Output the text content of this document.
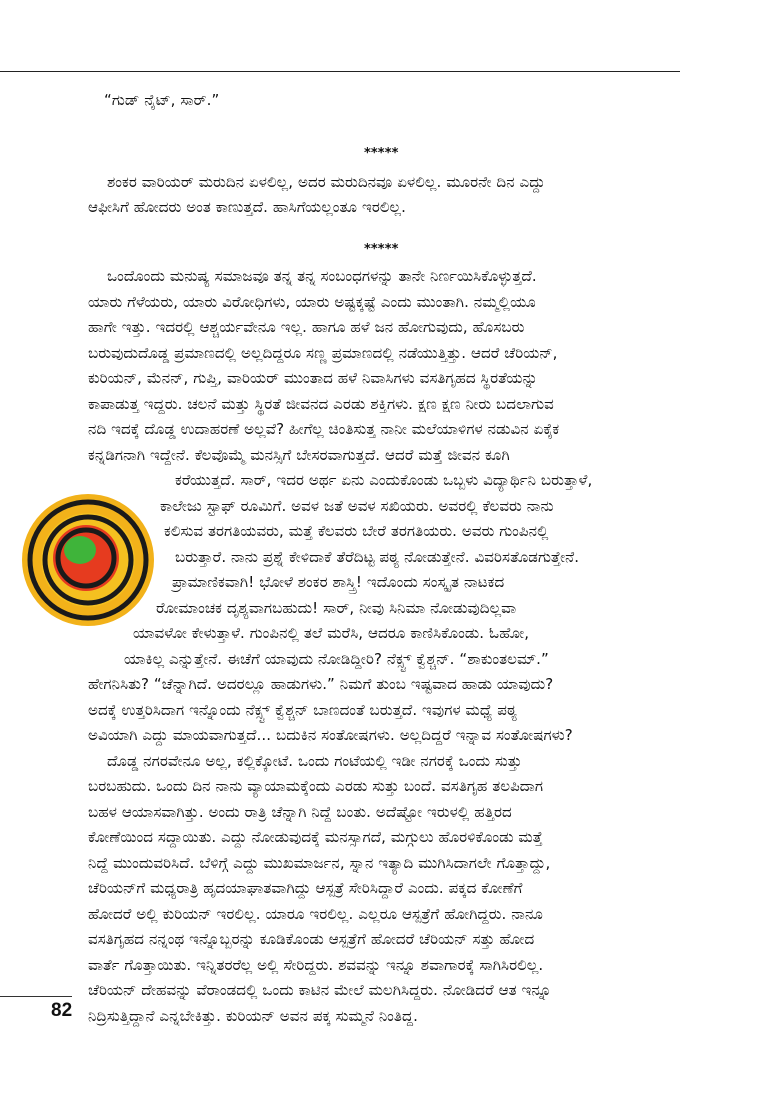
“ಗುಡ್ ನೈಟ್, ಸಾರ್.”

*****

ಶಂಕರ ವಾರಿಯರ್ ಮರುದಿನ ಏಳಲಿಲ್ಲ, ಅದರ ಮರುದಿನವೂ ಏಳಲಿಲ್ಲ. ಮೂರನೇ ದಿನ ಎದ್ದು

ಆಫೀಸಿಗೆ ಹೋದರು ಅಂತ ಕಾಣುತ್ತದೆ. ಹಾಸಿಗೆಯಲ್ಲಂತೂ ಇರಲಿಲ್ಲ.

*****

ಒಂದೊಂದು ಮನುಷ್ಯ ಸಮಾಜವೂ ತನ್ನ ತನ್ನ ಸಂಬಂಧಗಳನ್ನು ತಾನೇ ನಿರ್ಣಯಿಸಿಕೊಳ್ಳುತ್ತದೆ.

ಯಾರು ಗೆಳೆಯರು, ಯಾರು ವಿರೋಧಿಗಳು, ಯಾರು ಅಷ್ಟಕ್ಕಷ್ಟೆ ಎಂದು ಮುಂತಾಗಿ. ನಮ್ಮಲ್ಲಿಯೂ

ಹಾಗೇ ಇತ್ತು. ಇದರಲ್ಲಿ ಆಶ್ಚರ್ಯವೇನೂ ಇಲ್ಲ. ಹಾಗೂ ಹಳೆ ಜನ ಹೋಗುವುದು, ಹೊಸಬರು

ಬರುವುದುದೊಡ್ಡ ಪ್ರಮಾಣದಲ್ಲಿ ಅಲ್ಲದಿದ್ದರೂ ಸಣ್ಣ ಪ್ರಮಾಣದಲ್ಲಿ ನಡೆಯುತ್ತಿತ್ತು. ಆದರೆ ಚೆರಿಯನ್,

ಕುರಿಯನ್, ಮೆನನ್, ಗುಪ್ತಿ, ವಾರಿಯರ್ ಮುಂತಾದ ಹಳೆ ನಿವಾಸಿಗಳು ವಸತಿಗೃಹದ ಸ್ಥಿರತೆಯನ್ನು

ಕಾಪಾಡುತ್ತ ಇದ್ದರು. ಚಲನೆ ಮತ್ತು ಸ್ಥಿರತೆ ಜೀವನದ ಎರಡು ಶಕ್ತಿಗಳು. ಕ್ಷಣ ಕ್ಷಣ ನೀರು ಬದಲಾಗುವ

ನದಿ ಇದಕ್ಕೆ ದೊಡ್ಡ ಉದಾಹರಣೆ ಅಲ್ಲವೆ? ಹೀಗೆಲ್ಲ ಚಿಂತಿಸುತ್ತ ನಾನೀ ಮಲೆಯಾಳಿಗಳ ನಡುವಿನ ಏಕೈಕ

ಕನ್ನಡಿಗನಾಗಿ ಇದ್ದೇನೆ. ಕೆಲವೊಮ್ಮೆ ಮನಸ್ಸಿಗೆ ಬೇಸರವಾಗುತ್ತದೆ. ಆದರೆ ಮತ್ತೆ ಜೀವನ ಕೂಗಿ

ಕರೆಯುತ್ತದೆ. ಸಾರ್, ಇದರ ಅರ್ಥ ಏನು ಎಂದುಕೊಂಡು ಒಬ್ಬಳು ವಿದ್ಯಾರ್ಥಿನಿ ಬರುತ್ತಾಳೆ,

ಕಾಲೇಜು ಸ್ಟಾಫ್ ರೂಮಿಗೆ. ಅವಳ ಜತೆ ಅವಳ ಸಖಿಯರು. ಅವರಲ್ಲಿ ಕೆಲವರು ನಾನು

ಕಲಿಸುವ ತರಗತಿಯವರು, ಮತ್ತೆ ಕೆಲವರು ಬೇರೆ ತರಗತಿಯರು. ಅವರು ಗುಂಪಿನಲ್ಲಿ

ಬರುತ್ತಾರೆ. ನಾನು ಪ್ರಶ್ನೆ ಕೇಳಿದಾಕೆ ತೆರೆದಿಟ್ಟ ಪಠ್ಯ ನೋಡುತ್ತೇನೆ. ವಿವರಿಸತೊಡಗುತ್ತೇನೆ.

ಪ್ರಾಮಾಣಿಕವಾಗಿ! ಭೋಳೆ ಶಂಕರ ಶಾಸ್ತ್ರಿ! ಇದೊಂದು ಸಂಸ್ಕೃತ ನಾಟಕದ

ರೋಮಾಂಚಕ ದೃಶ್ಯವಾಗಬಹುದು! ಸಾರ್, ನೀವು ಸಿನಿಮಾ ನೋಡುವುದಿಲ್ಲವಾ

ಯಾವಳೋ ಕೇಳುತ್ತಾಳೆ. ಗುಂಪಿನಲ್ಲಿ ತಲೆ ಮರೆಸಿ, ಆದರೂ ಕಾಣಿಸಿಕೊಂಡು. ಓಹೋ,

ಯಾಕಿಲ್ಲ ಎನ್ನುತ್ತೇನೆ. ಈಚೆಗೆ ಯಾವುದು ನೋಡಿದ್ದೀರಿ? ನೆಕ್ಸ್ಟ್ ಕ್ವೆಶ್ಚನ್. “ಶಾಕುಂತಲಮ್.”

ಹೇಗನಿಸಿತು? “ಚೆನ್ನಾಗಿದೆ. ಅದರಲ್ಲೂ ಹಾಡುಗಳು.” ನಿಮಗೆ ತುಂಬ ಇಷ್ಟವಾದ ಹಾಡು ಯಾವುದು?

ಅದಕ್ಕೆ ಉತ್ತರಿಸಿದಾಗ ಇನ್ನೊಂದು ನೆಕ್ಸ್ಟ್ ಕ್ವೆಶ್ಚನ್ ಬಾಣದಂತೆ ಬರುತ್ತದೆ. ಇವುಗಳ ಮಧ್ಯೆ ಪಠ್ಯ

ಅವಿಯಾಗಿ ಎದ್ದು ಮಾಯವಾಗುತ್ತದೆ... ಬದುಕಿನ ಸಂತೋಷಗಳು. ಅಲ್ಲದಿದ್ದರೆ ಇನ್ನಾವ ಸಂತೋಷಗಳು?

ದೊಡ್ಡ ನಗರವೇನೂ ಅಲ್ಲ, ಕಲ್ಲಿಕ್ಕೋಟೆ. ಒಂದು ಗಂಟೆಯಲ್ಲಿ ಇಡೀ ನಗರಕ್ಕೆ ಒಂದು ಸುತ್ತು

ಬರಬಹುದು. ಒಂದು ದಿನ ನಾನು ವ್ಯಾಯಾಮಕ್ಕೆಂದು ಎರಡು ಸುತ್ತು ಬಂದೆ. ವಸತಿಗೃಹ ತಲಪಿದಾಗ

ಬಹಳ ಆಯಾಸವಾಗಿತ್ತು. ಅಂದು ರಾತ್ರಿ ಚೆನ್ನಾಗಿ ನಿದ್ದೆ ಬಂತು. ಅದೆಷ್ಟೋ ಇರುಳಲ್ಲಿ ಹತ್ತಿರದ

ಕೋಣೆಯಿಂದ ಸದ್ದಾಯಿತು. ಎದ್ದು ನೋಡುವುದಕ್ಕೆ ಮನಸ್ಸಾಗದೆ, ಮಗ್ಗುಲು ಹೊರಳಿಕೊಂಡು ಮತ್ತೆ

ನಿದ್ದೆ ಮುಂದುವರಿಸಿದೆ. ಬೆಳಿಗ್ಗೆ ಎದ್ದು ಮುಖಮಾರ್ಜನ, ಸ್ನಾನ ಇತ್ಯಾದಿ ಮುಗಿಸಿದಾಗಲೇ ಗೊತ್ತಾದ್ದು,

ಚೆರಿಯನ್‌ಗೆ ಮಧ್ಯರಾತ್ರಿ ಹೃದಯಾಘಾತವಾಗಿದ್ದು ಆಸ್ಪತ್ರೆ ಸೇರಿಸಿದ್ದಾರೆ ಎಂದು. ಪಕ್ಕದ ಕೋಣೆಗೆ

ಹೋದರೆ ಅಲ್ಲಿ ಕುರಿಯನ್ ಇರಲಿಲ್ಲ. ಯಾರೂ ಇರಲಿಲ್ಲ. ಎಲ್ಲರೂ ಆಸ್ಪತ್ರೆಗೆ ಹೋಗಿದ್ದರು. ನಾನೂ

ವಸತಿಗೃಹದ ನನ್ನಂಥ ಇನ್ನೊಬ್ಬರನ್ನು ಕೂಡಿಕೊಂಡು ಆಸ್ಪತ್ರೆಗೆ ಹೋದರೆ ಚೆರಿಯನ್ ಸತ್ತು ಹೋದ

ವಾರ್ತೆ ಗೊತ್ತಾಯಿತು. ಇನ್ನಿತರರೆಲ್ಲ ಅಲ್ಲಿ ಸೇರಿದ್ದರು. ಶವವನ್ನು ಇನ್ನೂ ಶವಾಗಾರಕ್ಕೆ ಸಾಗಿಸಿರಲಿಲ್ಲ.

ಚೆರಿಯನ್ ದೇಹವನ್ನು ವೆರಾಂಡದಲ್ಲಿ ಒಂದು ಕಾಟಿನ ಮೇಲೆ ಮಲಗಿಸಿದ್ದರು. ನೋಡಿದರೆ ಆತ ಇನ್ನೂ

ನಿದ್ರಿಸುತ್ತಿದ್ದಾನೆ ಎನ್ನಬೇಕಿತ್ತು. ಕುರಿಯನ್ ಅವನ ಪಕ್ಕ ಸುಮ್ಮನೆ ನಿಂತಿದ್ದ.

82
